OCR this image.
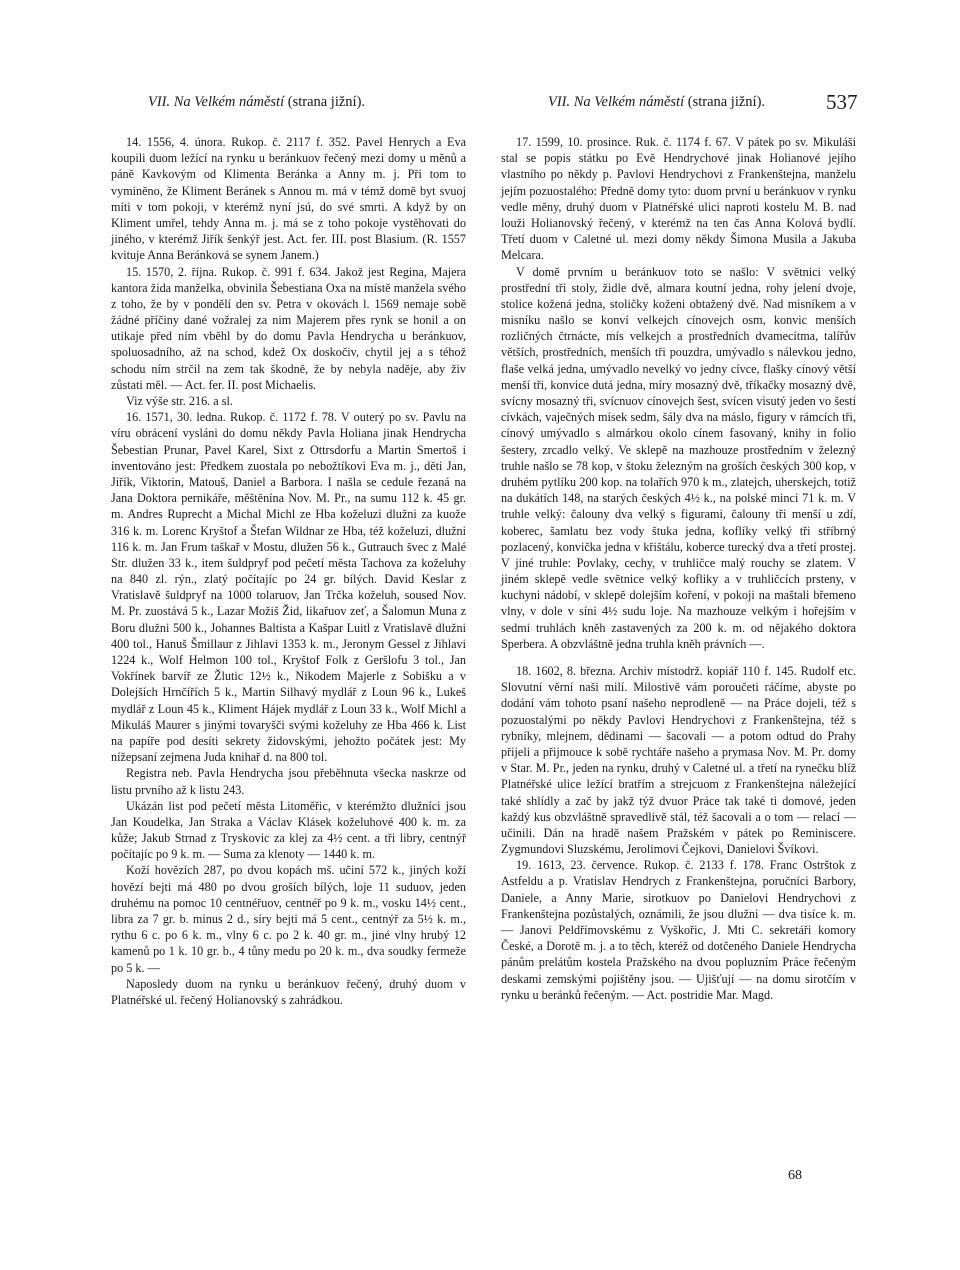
VII. Na Velkém náměstí (strana jižní).	VII. Na Velkém náměstí (strana jižní).	537

14. 1556, 4. února. Rukop. č. 2117 f. 352. Pavel Henrych a Eva koupili duom ležící na rynku u beránkuov řečený mezi domy u měnů a páně Kavkovým od Klimenta Beránka a Anny m. j. Při tom to vyminěno, že Kliment Beránek s Annou m. má v témž domě byt svuoj míti v tom pokoji, v kterémž nyní jsú, do své smrti. A když by on Kliment umřel, tehdy Anna m. j. má se z toho pokoje vystěhovati do jiného, v kterémž Jiřík šenkýř jest. Act. fer. III. post Blasium. (R. 1557 kvituje Anna Beránková se synem Janem.)

15. 1570, 2. října. Rukop. č. 991 f. 634. Jakož jest Regina, Majera kantora žida manželka, obvinila Šebestiana Oxa na místě manžela svého z toho, že by v pondělí den sv. Petra v okovách l. 1569 nemaje sobě žádné příčiny dané vožralej za nim Majerem přes rynk se honil a on utikaje před ním vběhl by do domu Pavla Hendrycha u beránkuov, spoluosadního, až na schod, kdež Ox doskočiv, chytil jej a s téhož schodu ním strčil na zem tak škodně, že by nebyla naděje, aby živ zůstati měl. — Act. fer. II. post Michaelis.

Viz výše str. 216. a sl.

16. 1571, 30. ledna. Rukop. č. 1172 f. 78. V outerý po sv. Pavlu na víru obrácení vysláni do domu někdy Pavla Holiana jinak Hendrycha Šebestian Prunar, Pavel Karel, Sixt z Ottrsdorfu a Martin Smertoš i inventováno jest: Předkem zuostala po nebožtíkovi Eva m. j., děti Jan, Jiřík, Viktorin, Matouš, Daniel a Barbora. I našla se cedule řezaná na Jana Doktora pernikáře, měštěnína Nov. M. Pr., na sumu 112 k. 45 gr. m. Andres Ruprecht a Michal Michl ze Hba koželuzi dlužni za kuože 316 k. m. Lorenc Kryštof a Štefan Wildnar ze Hba, též koželuzi, dlužni 116 k. m. Jan Frum taškař v Mostu, dlužen 56 k., Gutrauch švec z Malé Str. dlužen 33 k., item šuldpryf pod pečetí města Tachova za koželuhy na 840 zl. rýn., zlatý počítajíc po 24 gr. bílých. David Keslar z Vratislavě šuldpryf na 1000 tolaruov, Jan Trčka koželuh, soused Nov. M. Pr. zuostává 5 k., Lazar Možiš Žid, likařuov zeť, a Šalomun Muna z Boru dlužni 500 k., Johannes Baltista a Kašpar Luitl z Vratislavě dlužni 400 tol., Hanuš Šmillaur z Jihlavi 1353 k. m., Jeronym Gessel z Jihlavi 1224 k., Wolf Helmon 100 tol., Kryštof Folk z Geršlofu 3 tol., Jan Vokřínek barvíř ze Žlutic 12½ k., Nikodem Majerle z Sobišku a v Dolejších Hrnčířích 5 k., Martin Silhavý mydlář z Loun 96 k., Lukeš mydlář z Loun 45 k., Kliment Hájek mydlář z Loun 33 k., Wolf Michl a Mikuláš Maurer s jinými tovaryšči svými koželuhy ze Hba 466 k. List na papíře pod desíti sekrety židovskými, jehožto počátek jest: My nížepsaní zejmena Juda knihař d. na 800 tol.

Registra neb. Pavla Hendrycha jsou přeběhnuta všecka naskrze od listu prvního až k listu 243.

Ukázán list pod pečetí města Litoměřic, v kterémžto dlužníci jsou Jan Koudelka, Jan Straka a Václav Klásek koželuhové 400 k. m. za kůže; Jakub Strnad z Tryskovic za klej za 4½ cent. a tři libry, centnýř počítajíc po 9 k. m. — Suma za klenoty — 1440 k. m.

Koží hovězích 287, po dvou kopách mš. učiní 572 k., jiných koží hovězí bejti má 480 po dvou groších bílých, loje 11 suduov, jeden druhému na pomoc 10 centnéřuov, centnéř po 9 k. m., vosku 14½ cent., libra za 7 gr. b. minus 2 d., síry bejti má 5 cent., centnýř za 5½ k. m., rythu 6 c. po 6 k. m., vlny 6 c. po 2 k. 40 gr. m., jiné vlny hrubý 12 kamenů po 1 k. 10 gr. b., 4 tůny medu po 20 k. m., dva soudky fermeže po 5 k. —

Naposledy duom na rynku u beránkuov řečený, druhý duom v Platnéřské ul. řečený Holianovský s zahrádkou.

17. 1599, 10. prosince. Ruk. č. 1174 f. 67. V pátek po sv. Mikuláši stal se popis státku po Evě Hendrychové jinak Holianové jejího vlastního po někdy p. Pavlovi Hendrychovi z Frankenštejna, manželu jejím pozuostalého: Předně domy tyto: duom první u beránkuov v rynku vedle měny, druhý duom v Platnéřské ulici naproti kostelu M. B. nad louži Holianovský řečený, v kterémž na ten čas Anna Kolová bydlí. Třetí duom v Caletné ul. mezi domy někdy Šimona Musila a Jakuba Melcara.

V domě prvním u beránkuov toto se našlo: V světnici velký prostřední tři stoly, židle dvě, almara koutní jedna, rohy jelení dvoje, stolice kožená jedna, stoličky koženi obtažený dvě. Nad misníkem a v misníku našlo se konví velkejch cínovejch osm, konvic menších rozličných čtrnácte, mís velkejch a prostředních dvamecítma, talířův větších, prostředních, menších tři pouzdra, umývadlo s nálevkou jedno, flaše velká jedna, umývadlo nevelký vo jedny cívce, flašky cínový větší menší tři, konvice dutá jedna, míry mosazný dvě, tříkačky mosazný dvě, svícny mosazný tři, svícnuov cínovejch šest, svícen visutý jeden vo šesti cívkách, vaječných mísek sedm, šály dva na máslo, figury v rámcích tři, cínový umývadlo s almárkou okolo cínem fasovaný, knihy in folio šestery, zrcadlo velký. Ve sklepě na mazhouze prostředním v železný truhle našlo se 78 kop, v štoku železným na groších českých 300 kop, v druhém pytlíku 200 kop. na tolařích 970 k m., zlatejch, uherskejch, totiž na dukátích 148, na starých českých 4½ k., na polské minci 71 k. m. V truhle velký: čalouny dva velký s figurami, čalouny tři menší u zdí, koberec, šamlatu bez vody štuka jedna, koflíky velký tři stříbrný pozlacený, konvička jedna v křištálu, koberce turecký dva a třetí prostej. V jiné truhle: Povlaky, cechy, v truhličce malý rouchy se zlatem. V jiném sklepě vedle světnice velký kofliky a v truhličcích prsteny, v kuchyni nádobí, v sklepě dolejším koření, v pokoji na maštali břemeno vlny, v dole v síni 4½ sudu loje. Na mazhouze velkým i hořejším v sedmi truhlách kněh zastavených za 200 k. m. od nějakého doktora Sperbera. A obzvláštně jedna truhla kněh právních —.

18. 1602, 8. března. Archiv místodrž. kopiář 110 f. 145. Rudolf etc. Slovutní věrní naši milí. Milostivě vám poroučeti ráčíme, abyste po dodání vám tohoto psaní našeho neprodleně — na Práce dojeli, též s pozuostalými po někdy Pavlovi Hendrychovi z Frankenštejna, též s rybníky, mlejnem, dědinami — šacovali — a potom odtud do Prahy přijeli a přijmouce k sobě rychtáře našeho a prymasa Nov. M. Pr. domy v Star. M. Pr., jeden na rynku, druhý v Caletné ul. a třetí na rynečku blíž Platnéřské ulice ležící bratřím a strejcuom z Frankenštejna náležející také shlídly a zač by jakž týž dvuor Práce tak také ti domové, jeden každý kus obzvláštně spravedlivě stál, též šacovali a o tom — relací — učinili. Dán na hradě našem Pražském v pátek po Reminiscere. Zygmundovi Sluzskému, Jerolimovi Čejkovi, Danielovi Švíkovi.

19. 1613, 23. července. Rukop. č. 2133 f. 178. Franc Ostrštok z Astfeldu a p. Vratislav Hendrych z Frankenštejna, poručníci Barbory, Daniele, a Anny Marie, sirotkuov po Danielovi Hendrychovi z Frankenštejna pozůstalých, oznámili, že jsou dlužni — dva tisíce k. m. — Janovi Peldřimovskému z Vyškořic, J. Mti C. sekretáři komory České, a Dorotě m. j. a to těch, kteréž od dotčeného Daniele Hendrycha pánům prelátům kostela Pražského na dvou popluzním Práce řečeným deskami zemskými pojištěny jsou. — Ujišťují — na domu sirotčím v rynku u beránků řečeným. — Act. postridie Mar. Magd.

68
